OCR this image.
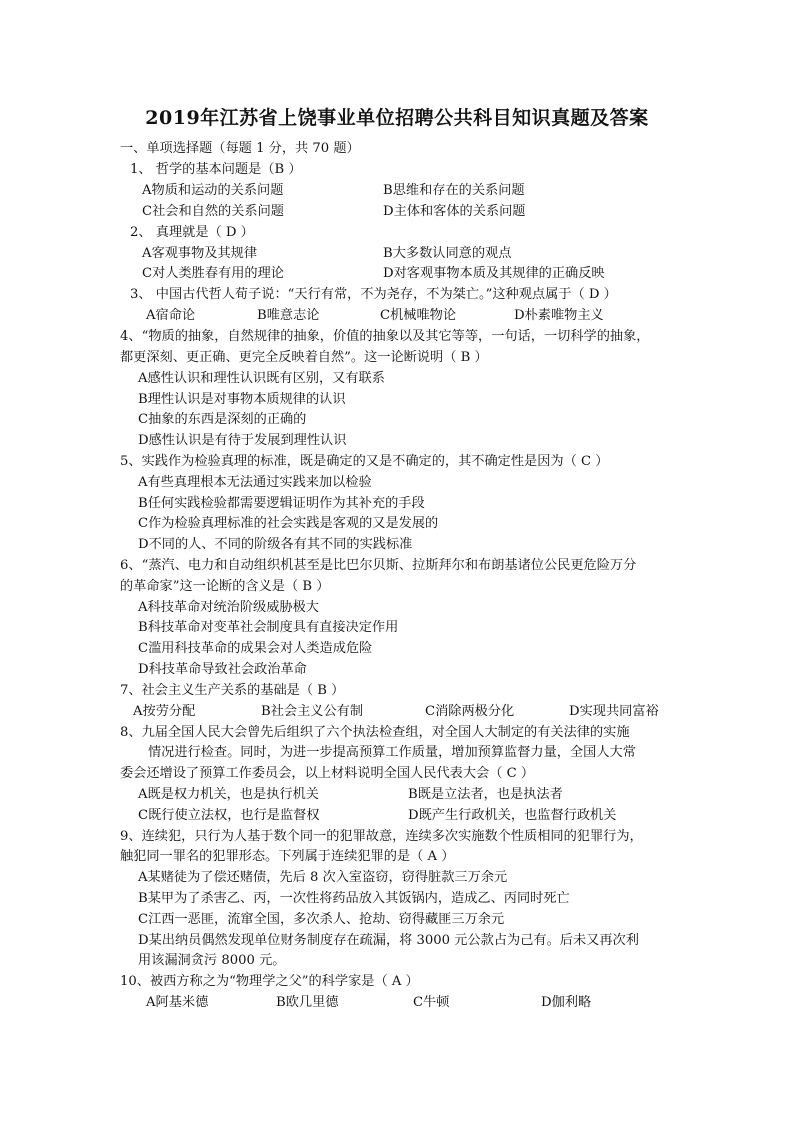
2019年江苏省上饶事业单位招聘公共科目知识真题及答案
一、单项选择题（每题 1 分，共 70 题）
1、 哲学的基本问题是（B ）
A物质和运动的关系问题	B思维和存在的关系问题
C社会和自然的关系问题	D主体和客体的关系问题
2、 真理就是（ D ）
A客观事物及其规律	B大多数认同意的观点
C对人类胜春有用的理论	D对客观事物本质及其规律的正确反映
3、 中国古代哲人荀子说：“天行有常，不为尧存，不为桀亡。”这种观点属于（ D ）
A宿命论	B唯意志论	C机械唯物论	D朴素唯物主义
4、“物质的抽象，自然规律的抽象，价值的抽象以及其它等等，一句话，一切科学的抽象，
都更深刻、更正确、更完全反映着自然”。这一论断说明（ B ）
A感性认识和理性认识既有区别，又有联系
B理性认识是对事物本质规律的认识
C抽象的东西是深刻的正确的
D感性认识是有待于发展到理性认识
5、实践作为检验真理的标准，既是确定的又是不确定的，其不确定性是因为（ C ）
A有些真理根本无法通过实践来加以检验
B任何实践检验都需要逻辑证明作为其补充的手段
C作为检验真理标准的社会实践是客观的又是发展的
D不同的人、不同的阶级各有其不同的实践标准
6、“蒸汽、电力和自动组织机甚至是比巴尔贝斯、拉斯拜尔和布朗基诸位公民更危险万分
的革命家”这一论断的含义是（ B ）
A科技革命对统治阶级威胁极大
B科技革命对变革社会制度具有直接决定作用
C滥用科技革命的成果会对人类造成危险
D科技革命导致社会政治革命
7、社会主义生产关系的基础是（ B ）
A按劳分配	B社会主义公有制	C消除两极分化	D实现共同富裕
8、九届全国人民大会曾先后组织了六个执法检查组，对全国人大制定的有关法律的实施
情况进行检查。同时，为进一步提高预算工作质量，增加预算监督力量，全国人大常
委会还增设了预算工作委员会，以上材料说明全国人民代表大会（ C ）
A既是权力机关，也是执行机关	B既是立法者，也是执法者
C既行使立法权，也行是监督权	D既产生行政机关，也监督行政机关
9、连续犯，只行为人基于数个同一的犯罪故意，连续多次实施数个性质相同的犯罪行为，
触犯同一罪名的犯罪形态。下列属于连续犯罪的是（ A ）
A某赌徒为了偿还赌债，先后 8 次入室盗窃，窃得脏款三万余元
B某甲为了杀害乙、丙，一次性将药品放入其饭锅内，造成乙、丙同时死亡
C江西一恶匪，流窜全国，多次杀人、抢劫、窃得藏匪三万余元
D某出纳员偶然发现单位财务制度存在疏漏，将 3000 元公款占为己有。后未又再次利
用该漏洞贪污 8000 元。
10、被西方称之为“物理学之父”的科学家是（ A ）
A阿基米德	B欧几里德	C牛顿	D伽利略
